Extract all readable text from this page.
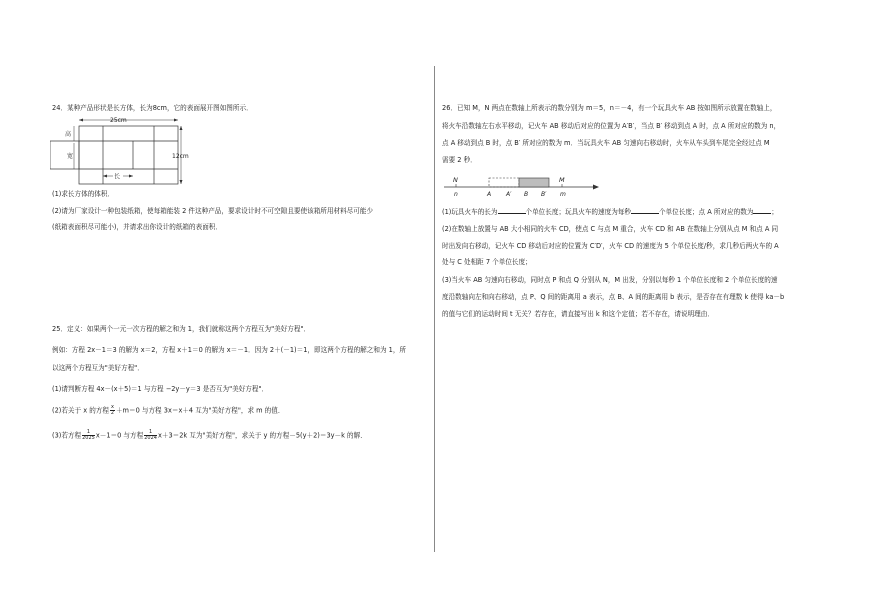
24．某种产品形状是长方体，长为8cm，它的表面展开图如图所示．
25cm
12cm
高
宽
长
(1)求长方体的体积．
(2)请为厂家设计一种包装纸箱，使每箱能装 2 件这种产品，要求设计时不可空隙且要使该箱所用材料尽可能少
(纸箱表面积尽可能小)，并请求出你设计的纸箱的表面积．
25．定义：如果两个一元一次方程的解之和为 1，我们就称这两个方程互为"美好方程"．
例如：方程 2x－1＝3 的解为 x＝2，方程 x＋1＝0 的解为 x＝－1．因为 2＋(－1)＝1，即这两个方程的解之和为 1，所
以这两个方程互为"美好方程"．
(1)请判断方程 4x－(x＋5)＝1 与方程 −2y－y＝3 是否互为"美好方程"．
(2)若关于 x 的方程 $\frac{x}{2} +m=0$ 与方程 3x＝x＋4 互为"美好方程"，求 m 的值．
(3)若方程 $\frac{1}{2025} x-1=0$ 与方程 $\frac{1}{2024} x+3=2k$ 互为"美好方程"，求关于 y 的方程－5(y＋2)＝3y－k 的解．
26．已知 M，N 两点在数轴上所表示的数分别为 m＝5，n＝－4，有一个玩具火车 AB 按如图所示放置在数轴上，
将火车沿数轴左右水平移动，记火车 AB 移动后对应的位置为 A′B′，当点 B′ 移动到点 A 时，点 A 所对应的数为 n，
点 A 移动到点 B 时，点 B′ 所对应的数为 m．当玩具火车 AB 匀速向右移动时，火车从车头到车尾完全经过点 M
需要 2 秒．
N	M
n	m
A A′ B B′
(1)玩具火车的长为	个单位长度；玩具火车的速度为每秒	个单位长度；点 A 所对应的数为	；
(2)在数轴上放置与 AB 大小相同的火车 CD，使点 C 与点 M 重合，火车 CD 和 AB 在数轴上分别从点 M 和点 A 同
时出发向右移动，记火车 CD 移动后对应的位置为 C′D′，火车 CD 的速度为 5 个单位长度/秒，求几秒后两火车的 A
处与 C 处相距 7 个单位长度；
(3)当火车 AB 匀速向右移动，同时点 P 和点 Q 分别从 N，M 出发，分别以每秒 1 个单位长度和 2 个单位长度的速
度沿数轴向左和向右移动，点 P、Q 间的距离用 a 表示，点 B、A 间的距离用 b 表示，是否存在有理数 k 使得 ka－b
的值与它们的运动时间 t 无关？若存在，请直接写出 k 和这个定值；若不存在，请说明理由．
